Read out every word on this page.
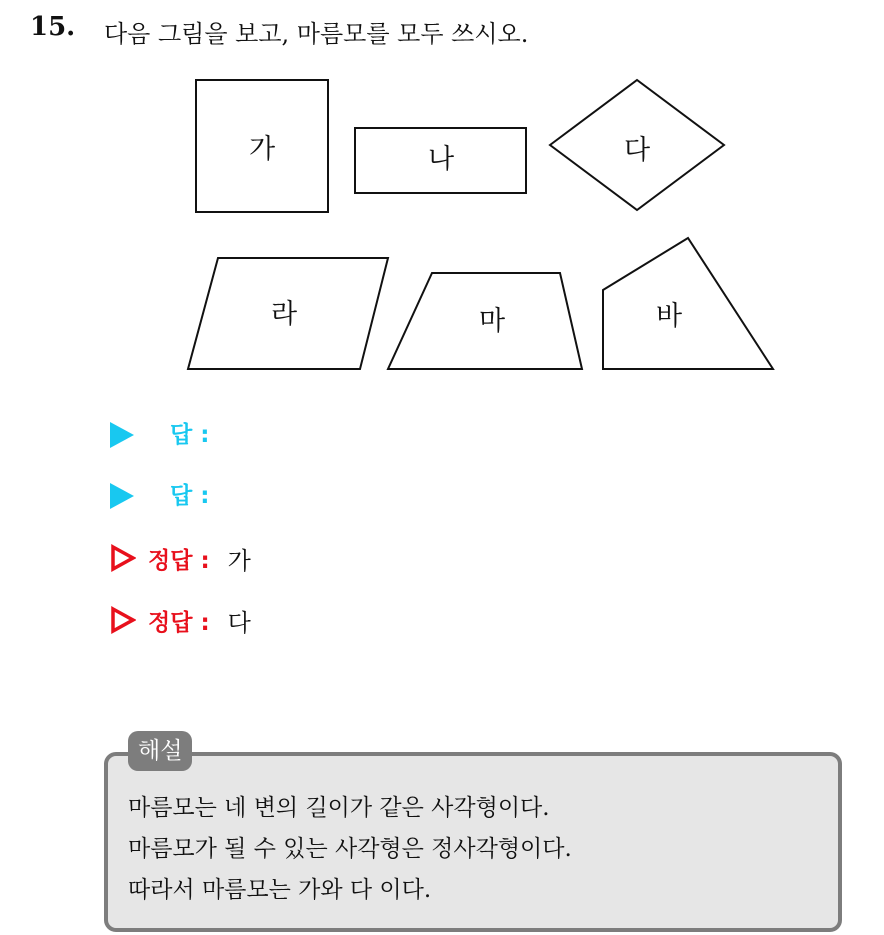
15. 다음 그림을 보고, 마름모를 모두 쓰시오.
가	나	다
라	마	바
답 :
답 :
정답 : 가
정답 : 다
해설
마름모는 네 변의 길이가 같은 사각형이다.
마름모가 될 수 있는 사각형은 정사각형이다.
따라서 마름모는 가와 다 이다.
